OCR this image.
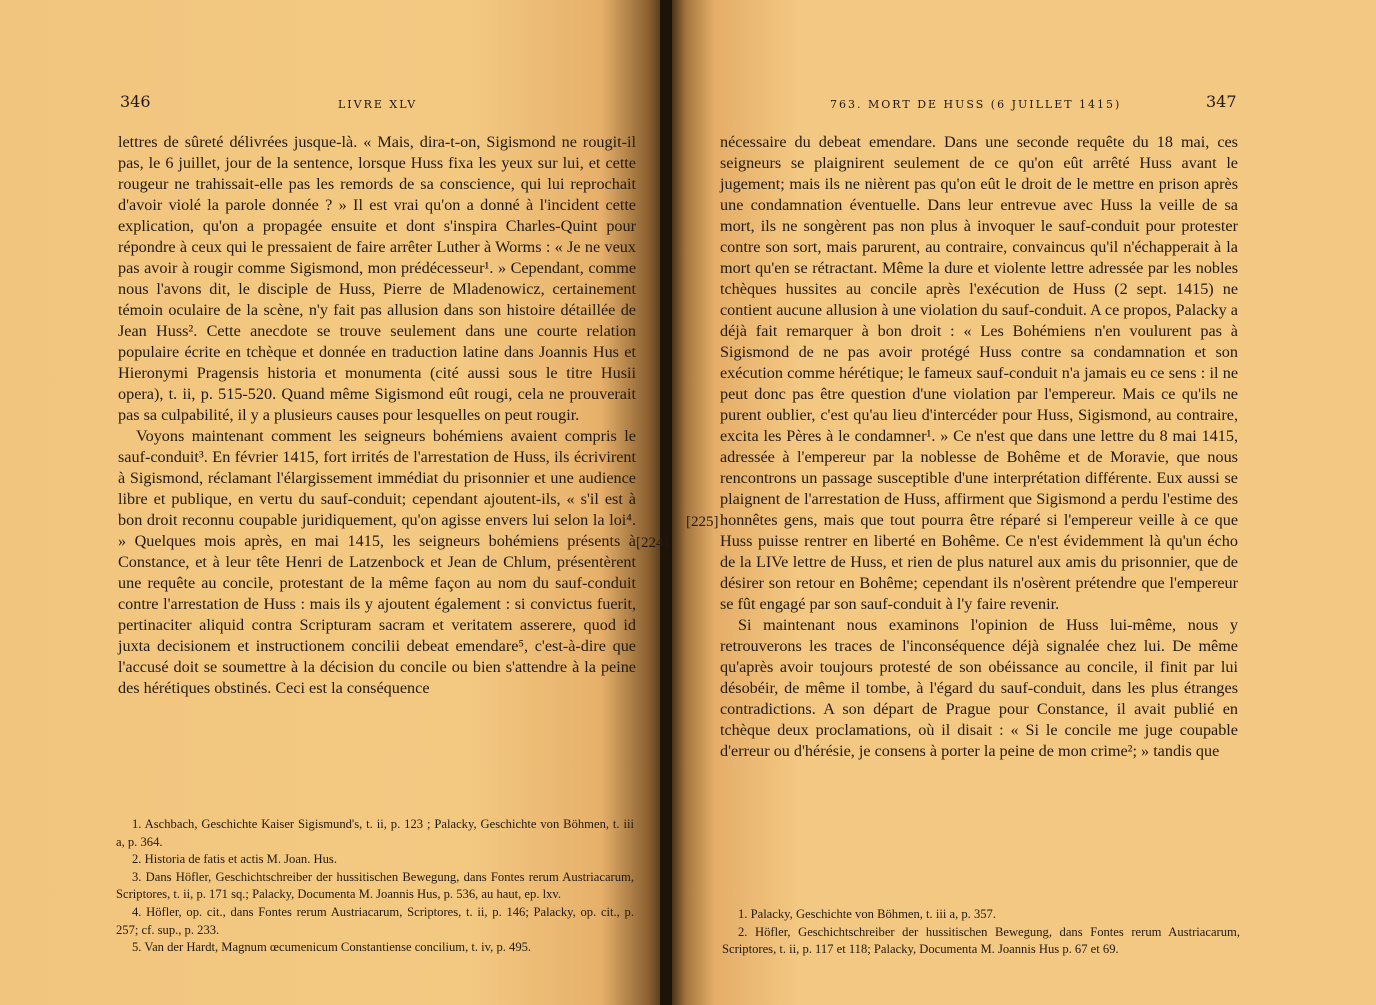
346	LIVRE XLV

lettres de sûreté délivrées jusque-là. « Mais, dira-t-on, Sigismond ne rougit-il pas, le 6 juillet, jour de la sentence, lorsque Huss fixa les yeux sur lui, et cette rougeur ne trahissait-elle pas les remords de sa conscience, qui lui reprochait d'avoir violé la parole donnée ? » Il est vrai qu'on a donné à l'incident cette explication, qu'on a propagée ensuite et dont s'inspira Charles-Quint pour répondre à ceux qui le pressaient de faire arrêter Luther à Worms : « Je ne veux pas avoir à rougir comme Sigismond, mon prédécesseur¹. » Cependant, comme nous l'avons dit, le disciple de Huss, Pierre de Mladenowicz, certainement témoin oculaire de la scène, n'y fait pas allusion dans son histoire détaillée de Jean Huss². Cette anecdote se trouve seulement dans une courte relation populaire écrite en tchèque et donnée en traduction latine dans Joannis Hus et Hieronymi Pragensis historia et monumenta (cité aussi sous le titre Husii opera), t. ii, p. 515-520. Quand même Sigismond eût rougi, cela ne prouverait pas sa culpabilité, il y a plusieurs causes pour lesquelles on peut rougir.

Voyons maintenant comment les seigneurs bohémiens avaient compris le sauf-conduit³. En février 1415, fort irrités de l'arrestation de Huss, ils écrivirent à Sigismond, réclamant l'élargissement immédiat du prisonnier et une audience libre et publique, en vertu du sauf-conduit; cependant ajoutent-ils, « s'il est à bon droit reconnu coupable juridiquement, qu'on agisse envers lui selon la loi⁴. » Quelques mois après, en mai 1415, les seigneurs bohémiens présents à Constance, et à leur tête Henri de Latzenbock et Jean de Chlum, présentèrent une requête au concile, protestant de la même façon au nom du sauf-conduit contre l'arrestation de Huss : mais ils y ajoutent également : si convictus fuerit, pertinaciter aliquid contra Scripturam sacram et veritatem asserere, quod id juxta decisionem et instructionem concilii debeat emendare⁵, c'est-à-dire que l'accusé doit se soumettre à la décision du concile ou bien s'attendre à la peine des hérétiques obstinés. Ceci est la conséquence

1. Aschbach, Geschichte Kaiser Sigismund's, t. ii, p. 123 ; Palacky, Geschichte von Böhmen, t. iii a, p. 364.

2. Historia de fatis et actis M. Joan. Hus.

3. Dans Höfler, Geschichtschreiber der hussitischen Bewegung, dans Fontes rerum Austriacarum, Scriptores, t. ii, p. 171 sq.; Palacky, Documenta M. Joannis Hus, p. 536, au haut, ep. lxv.

4. Höfler, op. cit., dans Fontes rerum Austriacarum, Scriptores, t. ii, p. 146; Palacky, op. cit., p. 257; cf. sup., p. 233.

5. Van der Hardt, Magnum œcumenicum Constantiense concilium, t. iv, p. 495.

763. MORT DE HUSS (6 JUILLET 1415)	347

nécessaire du debeat emendare. Dans une seconde requête du 18 mai, ces seigneurs se plaignirent seulement de ce qu'on eût arrêté Huss avant le jugement; mais ils ne nièrent pas qu'on eût le droit de le mettre en prison après une condamnation éventuelle. Dans leur entrevue avec Huss la veille de sa mort, ils ne songèrent pas non plus à invoquer le sauf-conduit pour protester contre son sort, mais parurent, au contraire, convaincus qu'il n'échapperait à la mort qu'en se rétractant. Même la dure et violente lettre adressée par les nobles tchèques hussites au concile après l'exécution de Huss (2 sept. 1415) ne contient aucune allusion à une violation du sauf-conduit. A ce propos, Palacky a déjà fait remarquer à bon droit : « Les Bohémiens n'en voulurent pas à Sigismond de ne pas avoir protégé Huss contre sa condamnation et son exécution comme hérétique; le fameux sauf-conduit n'a jamais eu ce sens : il ne peut donc pas être question d'une violation par l'empereur. Mais ce qu'ils ne purent oublier, c'est qu'au lieu d'intercéder pour Huss, Sigismond, au contraire, excita les Pères à le condamner¹. » Ce n'est que dans une lettre du 8 mai 1415, adressée à l'empereur par la noblesse de Bohême et de Moravie, que nous rencontrons un passage susceptible d'une interprétation différente. Eux aussi se plaignent de l'arrestation de Huss, affirment que Sigismond a perdu l'estime des honnêtes gens, mais que tout pourra être réparé si l'empereur veille à ce que Huss puisse rentrer en liberté en Bohême. Ce n'est évidemment là qu'un écho de la LIVe lettre de Huss, et rien de plus naturel aux amis du prisonnier, que de désirer son retour en Bohême; cependant ils n'osèrent prétendre que l'empereur se fût engagé par son sauf-conduit à l'y faire revenir.

Si maintenant nous examinons l'opinion de Huss lui-même, nous y retrouverons les traces de l'inconséquence déjà signalée chez lui. De même qu'après avoir toujours protesté de son obéissance au concile, il finit par lui désobéir, de même il tombe, à l'égard du sauf-conduit, dans les plus étranges contradictions. A son départ de Prague pour Constance, il avait publié en tchèque deux proclamations, où il disait : « Si le concile me juge coupable d'erreur ou d'hérésie, je consens à porter la peine de mon crime²; » tandis que

1. Palacky, Geschichte von Böhmen, t. iii a, p. 357.

2. Höfler, Geschichtschreiber der hussitischen Bewegung, dans Fontes rerum Austriacarum, Scriptores, t. ii, p. 117 et 118; Palacky, Documenta M. Joannis Hus p. 67 et 69.

[224]
[225]
